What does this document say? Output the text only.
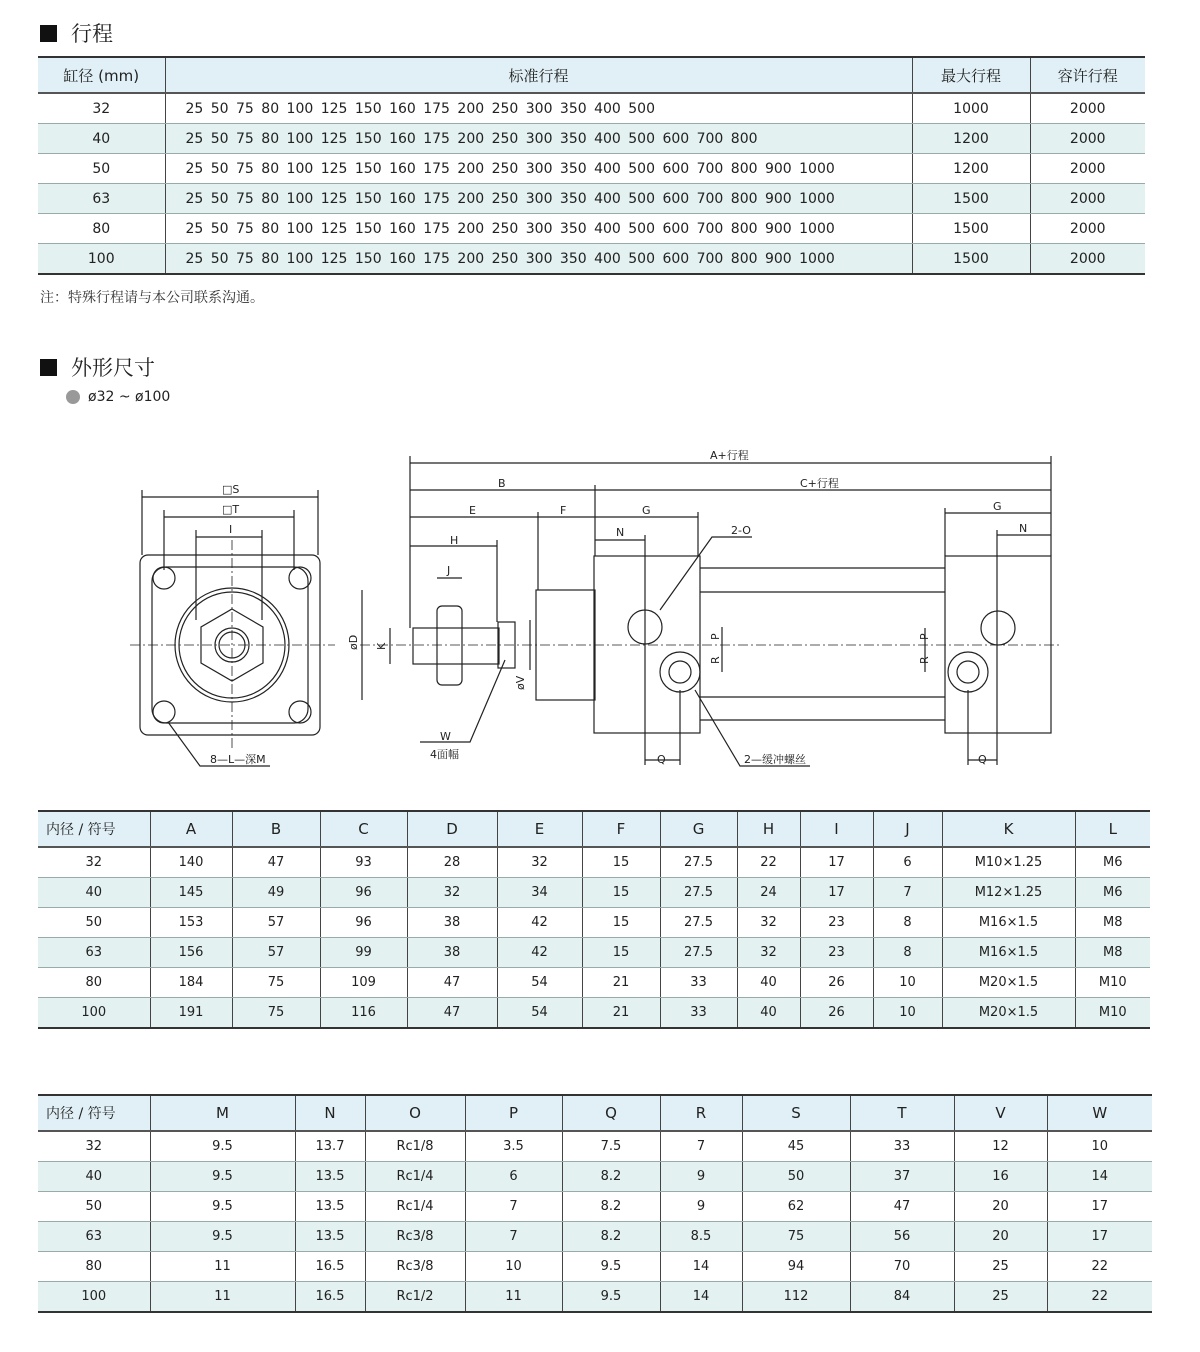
行程
缸径 (mm)	标准行程	最大行程	容许行程
32	25 50 75 80 100 125 150 160 175 200 250 300 350 400 500	1000	2000
40	25 50 75 80 100 125 150 160 175 200 250 300 350 400 500 600 700 800	1200	2000
50	25 50 75 80 100 125 150 160 175 200 250 300 350 400 500 600 700 800 900 1000	1200	2000
63	25 50 75 80 100 125 150 160 175 200 250 300 350 400 500 600 700 800 900 1000	1500	2000
80	25 50 75 80 100 125 150 160 175 200 250 300 350 400 500 600 700 800 900 1000	1500	2000
100	25 50 75 80 100 125 150 160 175 200 250 300 350 400 500 600 700 800 900 1000	1500	2000
注：特殊行程请与本公司联系沟通。
外形尺寸
ø32 ~ ø100
□S
□T
I
8—L—深M
A+行程
B	C+行程
E	F	G	G
H
N	N
J
2-O
øD K
øV
W
4面幅	2—缓冲螺丝
P
R
P
R
Q	Q
内径 / 符号	A	B	C	D	E	F	G	H	I	J	K	L
32	140	47	93	28	32	15	27.5	22	17	6	M10×1.25	M6
40	145	49	96	32	34	15	27.5	24	17	7	M12×1.25	M6
50	153	57	96	38	42	15	27.5	32	23	8	M16×1.5	M8
63	156	57	99	38	42	15	27.5	32	23	8	M16×1.5	M8
80	184	75	109	47	54	21	33	40	26	10	M20×1.5	M10
100	191	75	116	47	54	21	33	40	26	10	M20×1.5	M10
内径 / 符号	M	N	O	P	Q	R	S	T	V	W
32	9.5	13.7	Rc1/8	3.5	7.5	7	45	33	12	10
40	9.5	13.5	Rc1/4	6	8.2	9	50	37	16	14
50	9.5	13.5	Rc1/4	7	8.2	9	62	47	20	17
63	9.5	13.5	Rc3/8	7	8.2	8.5	75	56	20	17
80	11	16.5	Rc3/8	10	9.5	14	94	70	25	22
100	11	16.5	Rc1/2	11	9.5	14	112	84	25	22
